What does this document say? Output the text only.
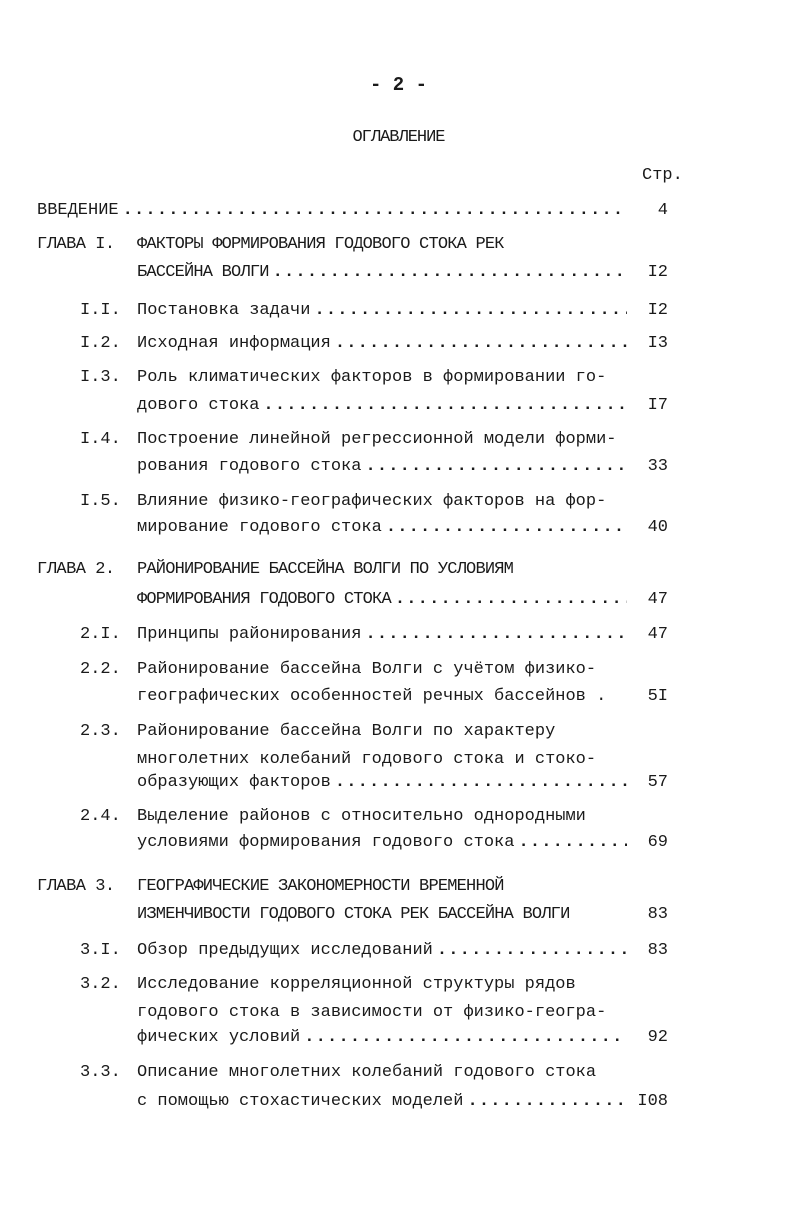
- 2 -
ОГЛАВЛЕНИЕ
Стр.
ВВЕДЕНИЕ .....	4
ГЛАВА I. ФАКТОРЫ ФОРМИРОВАНИЯ ГОДОВОГО СТОКА РЕК
БАССЕЙНА ВОЛГИ .....	I2
I.I. Постановка задачи .....	I2
I.2. Исходная информация .....	I3
I.3. Роль климатических факторов в формировании го-
дового стока .....	I7
I.4. Построение линейной регрессионной модели форми-
рования годового стока .....	33
I.5. Влияние физико-географических факторов на фор-
мирование годового стока .....	40
ГЛАВА 2. РАЙОНИРОВАНИЕ БАССЕЙНА ВОЛГИ ПО УСЛОВИЯМ
ФОРМИРОВАНИЯ ГОДОВОГО СТОКА .....	47
2.I. Принципы районирования .....	47
2.2. Районирование бассейна Волги с учётом физико-
географических особенностей речных бассейнов .	5I
2.3. Районирование бассейна Волги по характеру
многолетних колебаний годового стока и стоко-
образующих факторов .....	57
2.4. Выделение районов с относительно однородными
условиями формирования годового стока .....	69
ГЛАВА 3. ГЕОГРАФИЧЕСКИЕ ЗАКОНОМЕРНОСТИ ВРЕМЕННОЙ
ИЗМЕНЧИВОСТИ ГОДОВОГО СТОКА РЕК БАССЕЙНА ВОЛГИ	83
3.I. Обзор предыдущих исследований .....	83
3.2. Исследование корреляционной структуры рядов
годового стока в зависимости от физико-геогра-
фических условий .....	92
3.3. Описание многолетних колебаний годового стока
с помощью стохастических моделей .....	I08
